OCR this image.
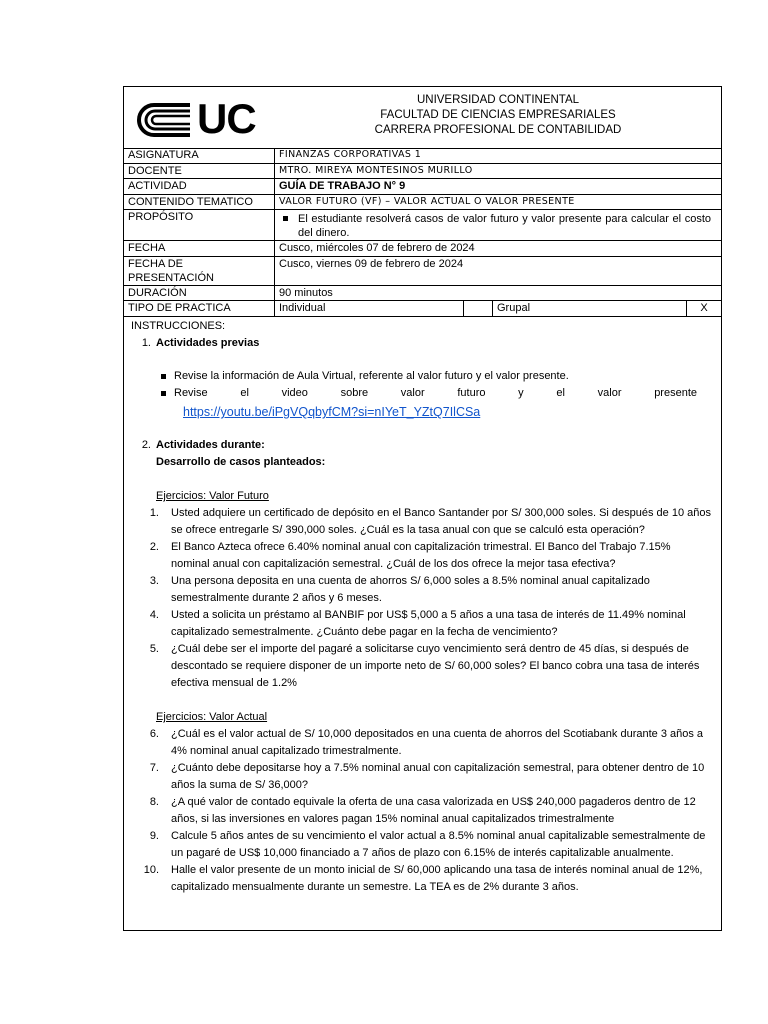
UC	UNIVERSIDAD CONTINENTAL
FACULTAD DE CIENCIAS EMPRESARIALES
CARRERA PROFESIONAL DE CONTABILIDAD
ASIGNATURA	FINANZAS CORPORATIVAS 1			
DOCENTE	MTRO. MIREYA MONTESINOS MURILLO			
ACTIVIDAD	GUÍA DE TRABAJO N° 9			
CONTENIDO TEMATICO	VALOR FUTURO (VF) – VALOR ACTUAL O VALOR PRESENTE			
PROPÓSITO	El estudiante resolverá casos de valor futuro y valor presente para calcular el costo del dinero.			

FECHA	Cusco, miércoles 07 de febrero de 2024			
FECHA DE PRESENTACIÓN	Cusco, viernes 09 de febrero de 2024			
DURACIÓN	90 minutos			
TIPO DE PRACTICA	Individual		Grupal	X
INSTRUCCIONES:
1. Actividades previas
Revise la información de Aula Virtual, referente al valor futuro y el valor presente.
Revise el video sobre valor futuro y el valor presente
https://youtu.be/iPgVQqbyfCM?si=nIYeT_YZtQ7IlCSa
2. Actividades durante:
Desarrollo de casos planteados:
Ejercicios: Valor Futuro
1.	Usted adquiere un certificado de depósito en el Banco Santander por S/ 300,000 soles. Si después de 10 años se ofrece entregarle S/ 390,000 soles. ¿Cuál es la tasa anual con que se calculó esta operación?
2.	El Banco Azteca ofrece 6.40% nominal anual con capitalización trimestral. El Banco del Trabajo 7.15% nominal anual con capitalización semestral. ¿Cuál de los dos ofrece la mejor tasa efectiva?
3.	Una persona deposita en una cuenta de ahorros S/ 6,000 soles a 8.5% nominal anual capitalizado semestralmente durante 2 años y 6 meses.
4.	Usted a solicita un préstamo al BANBIF por US$ 5,000 a 5 años a una tasa de interés de 11.49% nominal capitalizado semestralmente. ¿Cuánto debe pagar en la fecha de vencimiento?
5.	¿Cuál debe ser el importe del pagaré a solicitarse cuyo vencimiento será dentro de 45 días, si después de descontado se requiere disponer de un importe neto de S/ 60,000 soles? El banco cobra una tasa de interés efectiva mensual de 1.2%
Ejercicios: Valor Actual
6.	¿Cuál es el valor actual de S/ 10,000 depositados en una cuenta de ahorros del Scotiabank durante 3 años a 4% nominal anual capitalizado trimestralmente.
7.	¿Cuánto debe depositarse hoy a 7.5% nominal anual con capitalización semestral, para obtener dentro de 10 años la suma de S/ 36,000?
8.	¿A qué valor de contado equivale la oferta de una casa valorizada en US$ 240,000 pagaderos dentro de 12 años, si las inversiones en valores pagan 15% nominal anual capitalizados trimestralmente
9.	Calcule 5 años antes de su vencimiento el valor actual a 8.5% nominal anual capitalizable semestralmente de un pagaré de US$ 10,000 financiado a 7 años de plazo con 6.15% de interés capitalizable anualmente.
10.	Halle el valor presente de un monto inicial de S/ 60,000 aplicando una tasa de interés nominal anual de 12%, capitalizado mensualmente durante un semestre. La TEA es de 2% durante 3 años.
